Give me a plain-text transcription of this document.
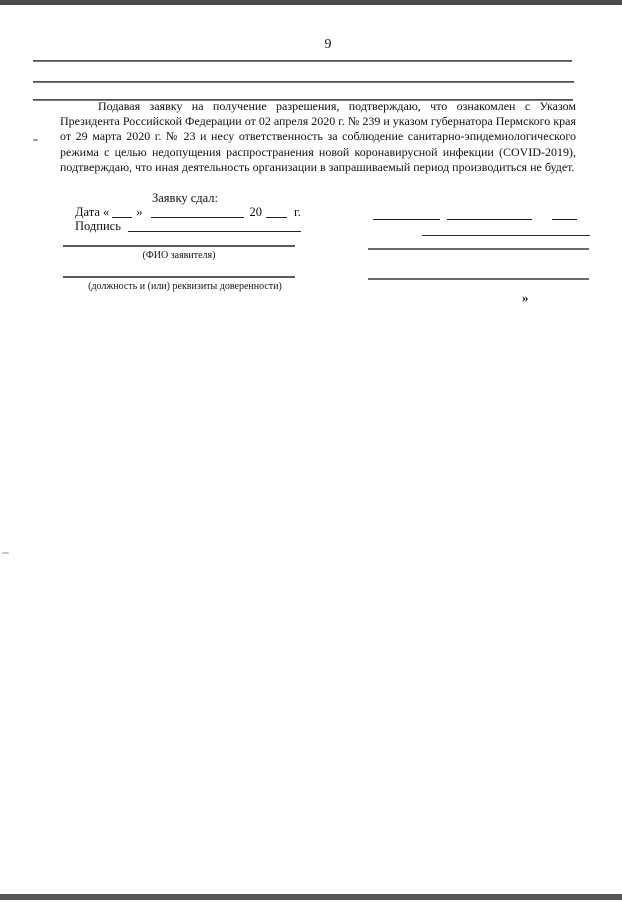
9
Подавая заявку на получение разрешения, подтверждаю, что ознакомлен с Указом Президента Российской Федерации от 02 апреля 2020 г. № 239 и указом губернатора Пермского края от 29 марта 2020 г. № 23 и несу ответственность за соблюдение санитарно-эпидемиологического режима с целью недопущения распространения новой коронавирусной инфекции (COVID-2019), подтверждаю, что иная деятельность организации в запрашиваемый период производиться не будет.
Заявку сдал:
Дата « »	20	г.
Подпись
(ФИО заявителя)
(должность и (или) реквизиты доверенности)
»
